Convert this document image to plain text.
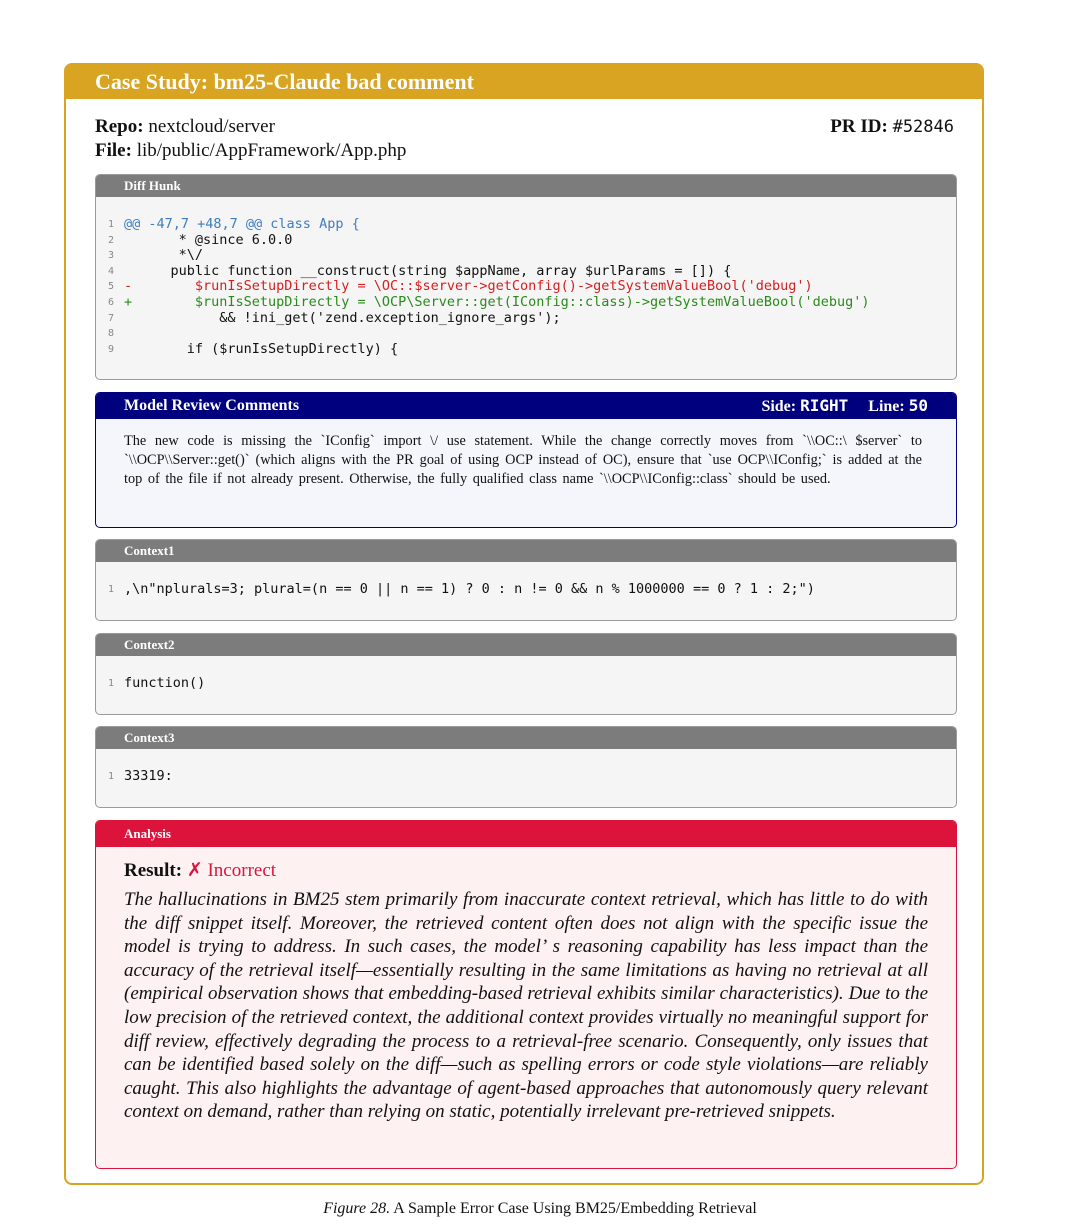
Case Study: bm25-Claude bad comment
Repo: nextcloud/server	PR ID: #52846
File: lib/public/AppFramework/App.php
Diff Hunk
1 @@ -47,7 +48,7 @@ class App {
2	* @since 6.0.0
3	*\/
4	public function __construct(string $appName, array $urlParams = []) {
5 - $runIsSetupDirectly = \OC::$server->getConfig()->getSystemValueBool('debug')
6 + $runIsSetupDirectly = \OCP\Server::get(IConfig::class)->getSystemValueBool('debug')
7	&& !ini_get('zend.exception_ignore_args');
8
9	if ($runIsSetupDirectly) {
Model Review Comments	Side: RIGHT Line: 50
The new code is missing the `IConfig` import \/ use statement. While the change correctly moves from `\\OC::\ $server` to `\\OCP\\Server::get()` (which aligns with the PR goal of using OCP instead of OC), ensure that `use OCP\\IConfig;` is added at the top of the file if not already present. Otherwise, the fully qualified class name `\\OCP\\IConfig::class` should be used.
Context1
1 ,\n"nplurals=3; plural=(n == 0 || n == 1) ? 0 : n != 0 && n % 1000000 == 0 ? 1 : 2;")
Context2
1 function()
Context3
1 33319:
Analysis
Result: ✗ Incorrect
The hallucinations in BM25 stem primarily from inaccurate context retrieval, which has little to do with the diff snippet itself. Moreover, the retrieved content often does not align with the specific issue the model is trying to address. In such cases, the model’ s reasoning capability has less impact than the accuracy of the retrieval itself—essentially resulting in the same limitations as having no retrieval at all (empirical observation shows that embedding-based retrieval exhibits similar characteristics). Due to the low precision of the retrieved context, the additional context provides virtually no meaningful support for diff review, effectively degrading the process to a retrieval-free scenario. Consequently, only issues that can be identified based solely on the diff—such as spelling errors or code style violations—are reliably caught. This also highlights the advantage of agent-based approaches that autonomously query relevant context on demand, rather than relying on static, potentially irrelevant pre-retrieved snippets.
Figure 28. A Sample Error Case Using BM25/Embedding Retrieval
